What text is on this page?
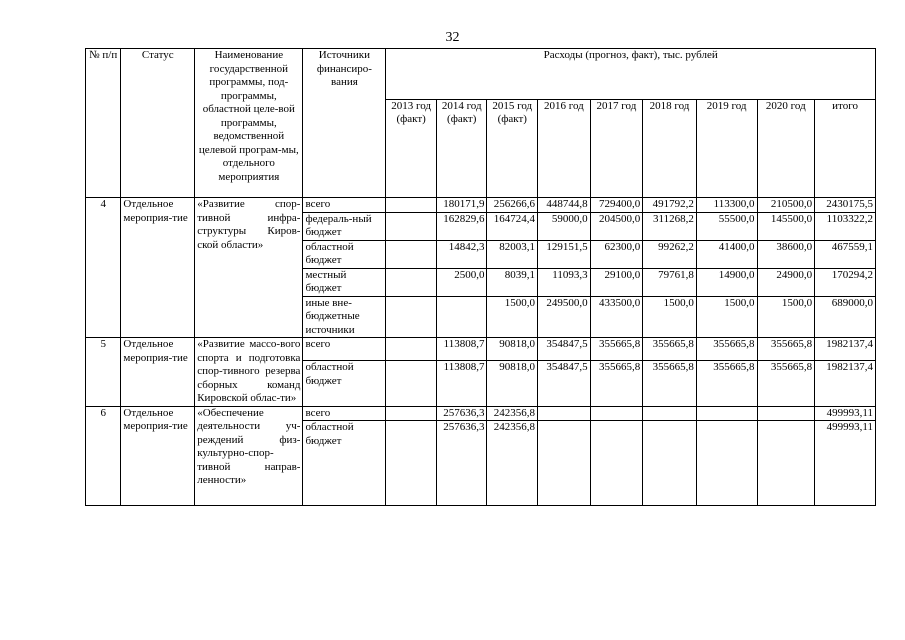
32
№ п/п	Статус	Наименование государственной программы, под-программы, областной целе-вой программы, ведомственной целевой програм-мы, отдельного мероприятия	Источники финансиро-вания	Расходы (прогноз, факт), тыс. рублей								
				2013 год (факт)	2014 год (факт)	2015 год (факт)	2016 год	2017 год	2018 год	2019 год	2020 год	итого
4	Отдельное мероприя-тие	«Развитие спор-тивной инфра-структуры Киров-ской области»	всего		180171,9	256266,6	448744,8	729400,0	491792,2	113300,0	210500,0	2430175,5
			федераль-ный бюджет		162829,6	164724,4	59000,0	204500,0	311268,2	55500,0	145500,0	1103322,2
			областной бюджет		14842,3	82003,1	129151,5	62300,0	99262,2	41400,0	38600,0	467559,1
			местный бюджет		2500,0	8039,1	11093,3	29100,0	79761,8	14900,0	24900,0	170294,2
			иные вне-бюджетные источники			1500,0	249500,0	433500,0	1500,0	1500,0	1500,0	689000,0
5	Отдельное мероприя-тие	«Развитие массо-вого спорта и подготовка спор-тивного резерва сборных команд Кировской облас-ти»	всего		113808,7	90818,0	354847,5	355665,8	355665,8	355665,8	355665,8	1982137,4
			областной бюджет		113808,7	90818,0	354847,5	355665,8	355665,8	355665,8	355665,8	1982137,4
6	Отдельное мероприя-тие	«Обеспечение деятельности уч-реждений физ-культурно-спор-тивной направ-ленности»	всего		257636,3	242356,8						499993,11
			областной бюджет		257636,3	242356,8						499993,11
